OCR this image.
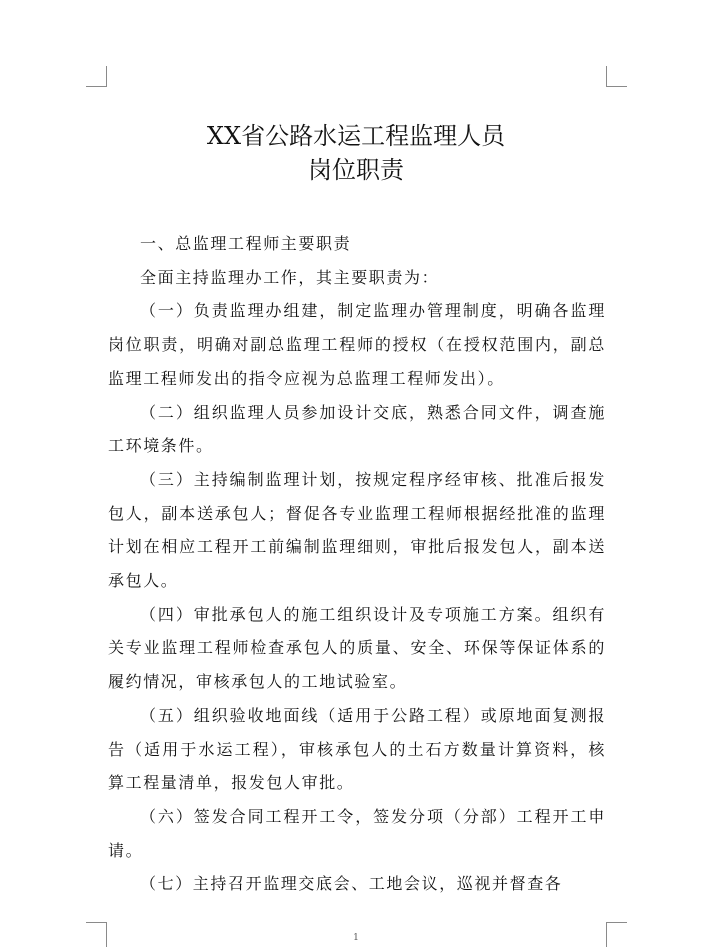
XX省公路水运工程监理人员
岗位职责

一、总监理工程师主要职责

全面主持监理办工作，其主要职责为：

（一）负责监理办组建，制定监理办管理制度，明确各监理岗位职责，明确对副总监理工程师的授权（在授权范围内，副总监理工程师发出的指令应视为总监理工程师发出）。

（二）组织监理人员参加设计交底，熟悉合同文件，调查施工环境条件。

（三）主持编制监理计划，按规定程序经审核、批准后报发包人，副本送承包人；督促各专业监理工程师根据经批准的监理计划在相应工程开工前编制监理细则，审批后报发包人，副本送承包人。

（四）审批承包人的施工组织设计及专项施工方案。组织有关专业监理工程师检查承包人的质量、安全、环保等保证体系的履约情况，审核承包人的工地试验室。

（五）组织验收地面线（适用于公路工程）或原地面复测报告（适用于水运工程），审核承包人的土石方数量计算资料，核算工程量清单，报发包人审批。

（六）签发合同工程开工令，签发分项（分部）工程开工申请。

（七）主持召开监理交底会、工地会议，巡视并督查各

1
